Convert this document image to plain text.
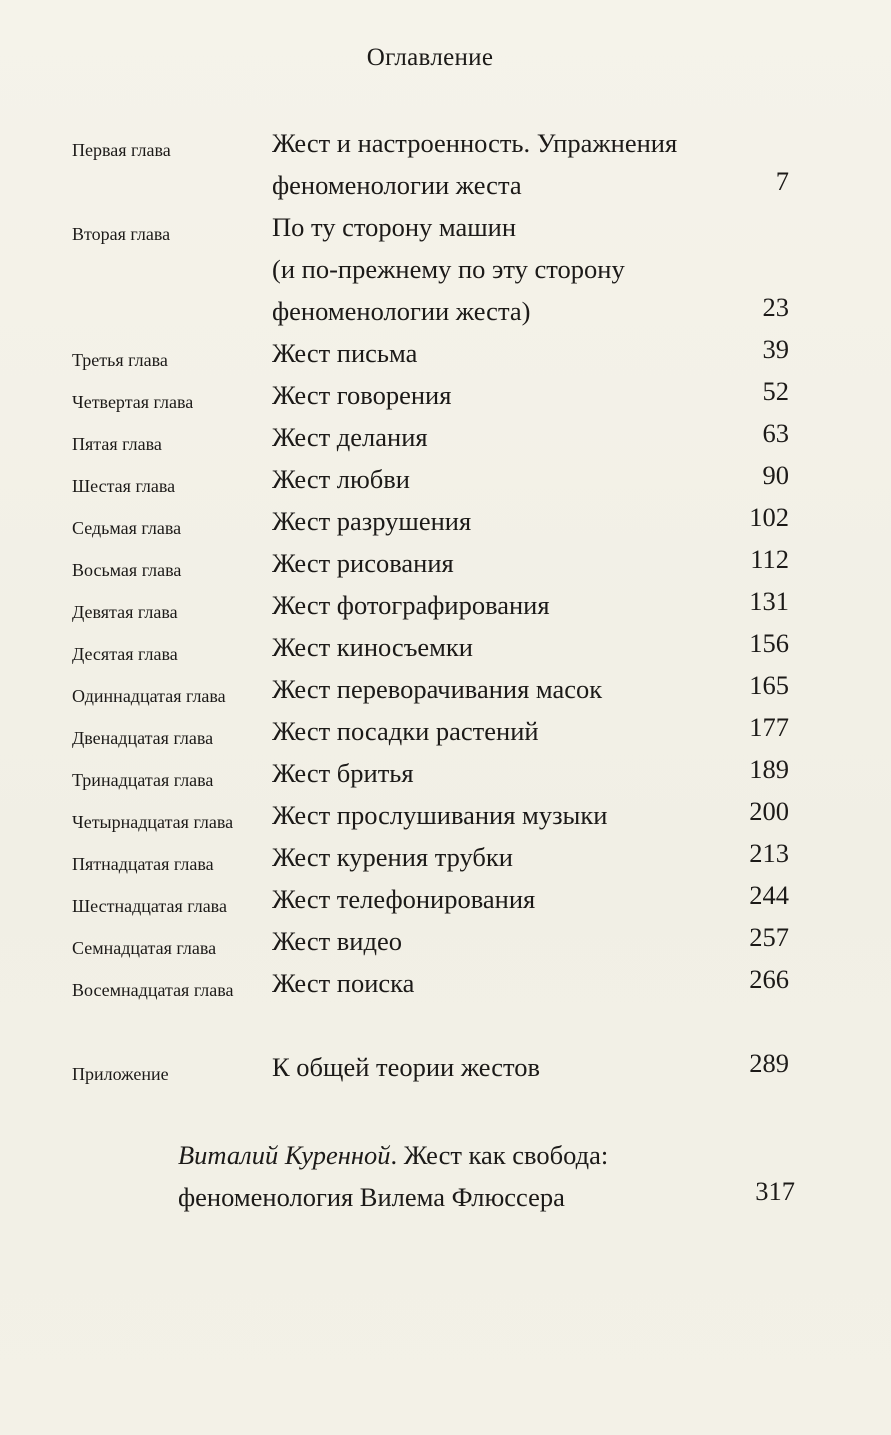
Оглавление
Первая глава	Жест и настроенность. Упражнения
феноменологии жеста	7
Вторая глава	По ту сторону машин
(и по-прежнему по эту сторону
феноменологии жеста)	23
Третья глава	Жест письма	39
Четвертая глава	Жест говорения	52
Пятая глава	Жест делания	63
Шестая глава	Жест любви	90
Седьмая глава	Жест разрушения	102
Восьмая глава	Жест рисования	112
Девятая глава	Жест фотографирования	131
Десятая глава	Жест киносъемки	156
Одиннадцатая глава Жест переворачивания масок	165
Двенадцатая глава Жест посадки растений	177
Тринадцатая глава Жест бритья	189
Четырнадцатая глава Жест прослушивания музыки	200
Пятнадцатая глава Жест курения трубки	213
Шестнадцатая глава Жест телефонирования	244
Семнадцатая глава Жест видео	257
Восемнадцатая глава Жест поиска	266
Приложение	К общей теории жестов	289
Виталий Куренной. Жест как свобода:
феноменология Вилема Флюссера	317
